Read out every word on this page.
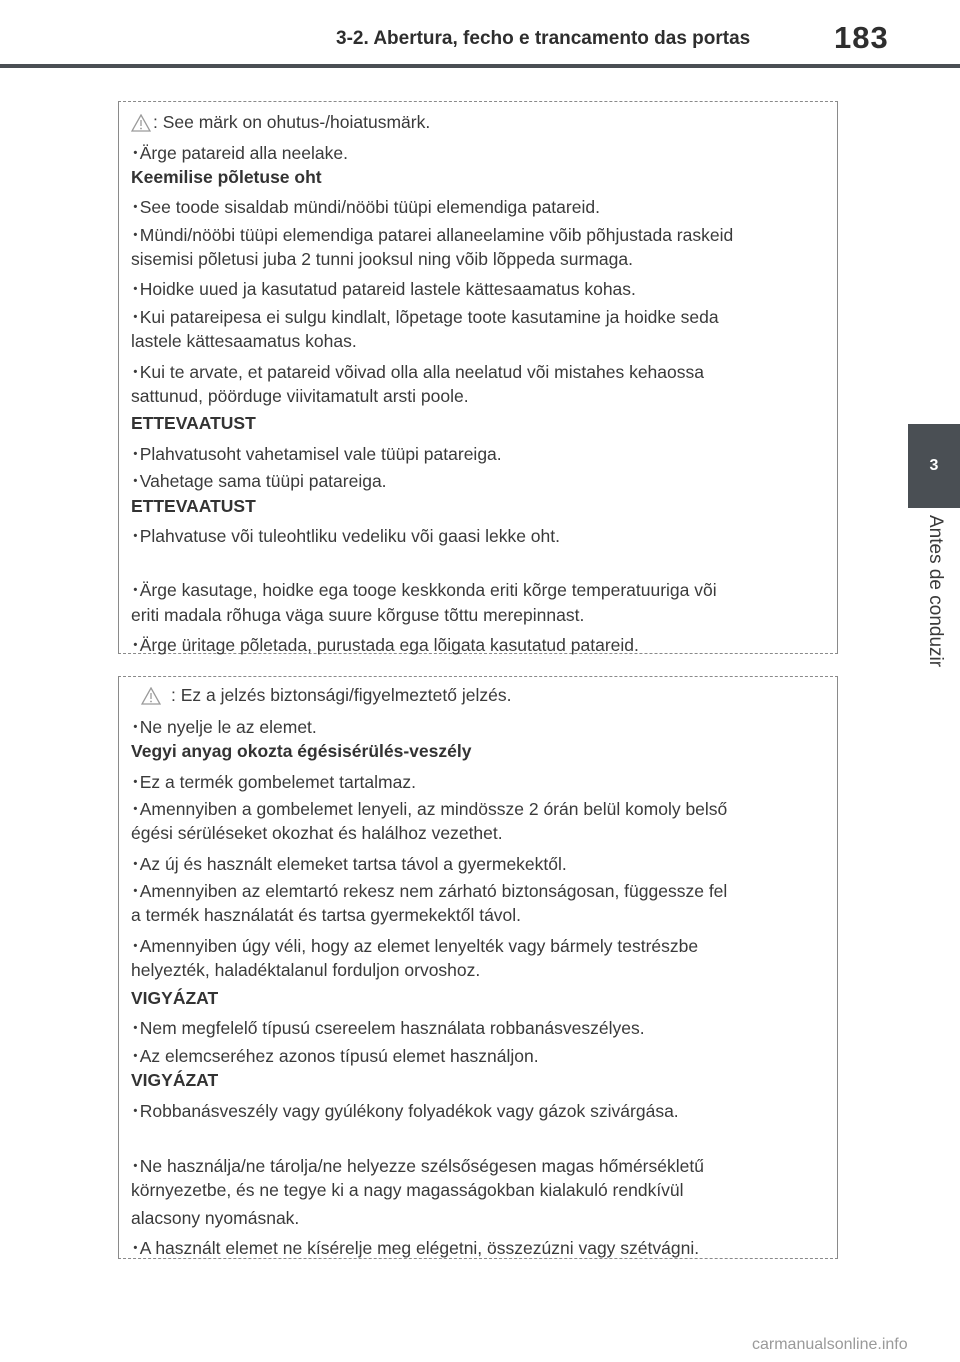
3-2. Abertura, fecho e trancamento das portas	183
3
Antes de conduzir
: See märk on ohutus-/hoiatusmärk.
･Ärge patareid alla neelake.
Keemilise põletuse oht
･See toode sisaldab mündi/nööbi tüüpi elemendiga patareid.
･Mündi/nööbi tüüpi elemendiga patarei allaneelamine võib põhjustada raskeid
sisemisi põletusi juba 2 tunni jooksul ning võib lõppeda surmaga.
･Hoidke uued ja kasutatud patareid lastele kättesaamatus kohas.
･Kui patareipesa ei sulgu kindlalt, lõpetage toote kasutamine ja hoidke seda
lastele kättesaamatus kohas.
･Kui te arvate, et patareid võivad olla alla neelatud või mistahes kehaossa
sattunud, pöörduge viivitamatult arsti poole.
ETTEVAATUST
･Plahvatusoht vahetamisel vale tüüpi patareiga.
･Vahetage sama tüüpi patareiga.
ETTEVAATUST
･Plahvatuse või tuleohtliku vedeliku või gaasi lekke oht.
･Ärge kasutage, hoidke ega tooge keskkonda eriti kõrge temperatuuriga või
eriti madala rõhuga väga suure kõrguse tõttu merepinnast.
･Ärge üritage põletada, purustada ega lõigata kasutatud patareid.
: Ez a jelzés biztonsági/figyelmeztető jelzés.
･Ne nyelje le az elemet.
Vegyi anyag okozta égésisérülés-veszély
･Ez a termék gombelemet tartalmaz.
･Amennyiben a gombelemet lenyeli, az mindössze 2 órán belül komoly belső
égési sérüléseket okozhat és halálhoz vezethet.
･Az új és használt elemeket tartsa távol a gyermekektől.
･Amennyiben az elemtartó rekesz nem zárható biztonságosan, függessze fel
a termék használatát és tartsa gyermekektől távol.
･Amennyiben úgy véli, hogy az elemet lenyelték vagy bármely testrészbe
helyezték, haladéktalanul forduljon orvoshoz.
VIGYÁZAT
･Nem megfelelő típusú csereelem használata robbanásveszélyes.
･Az elemcseréhez azonos típusú elemet használjon.
VIGYÁZAT
･Robbanásveszély vagy gyúlékony folyadékok vagy gázok szivárgása.
･Ne használja/ne tárolja/ne helyezze szélsőségesen magas hőmérsékletű
környezetbe, és ne tegye ki a nagy magasságokban kialakuló rendkívül
alacsony nyomásnak.
･A használt elemet ne kísérelje meg elégetni, összezúzni vagy szétvágni.
carmanualsonline.info
